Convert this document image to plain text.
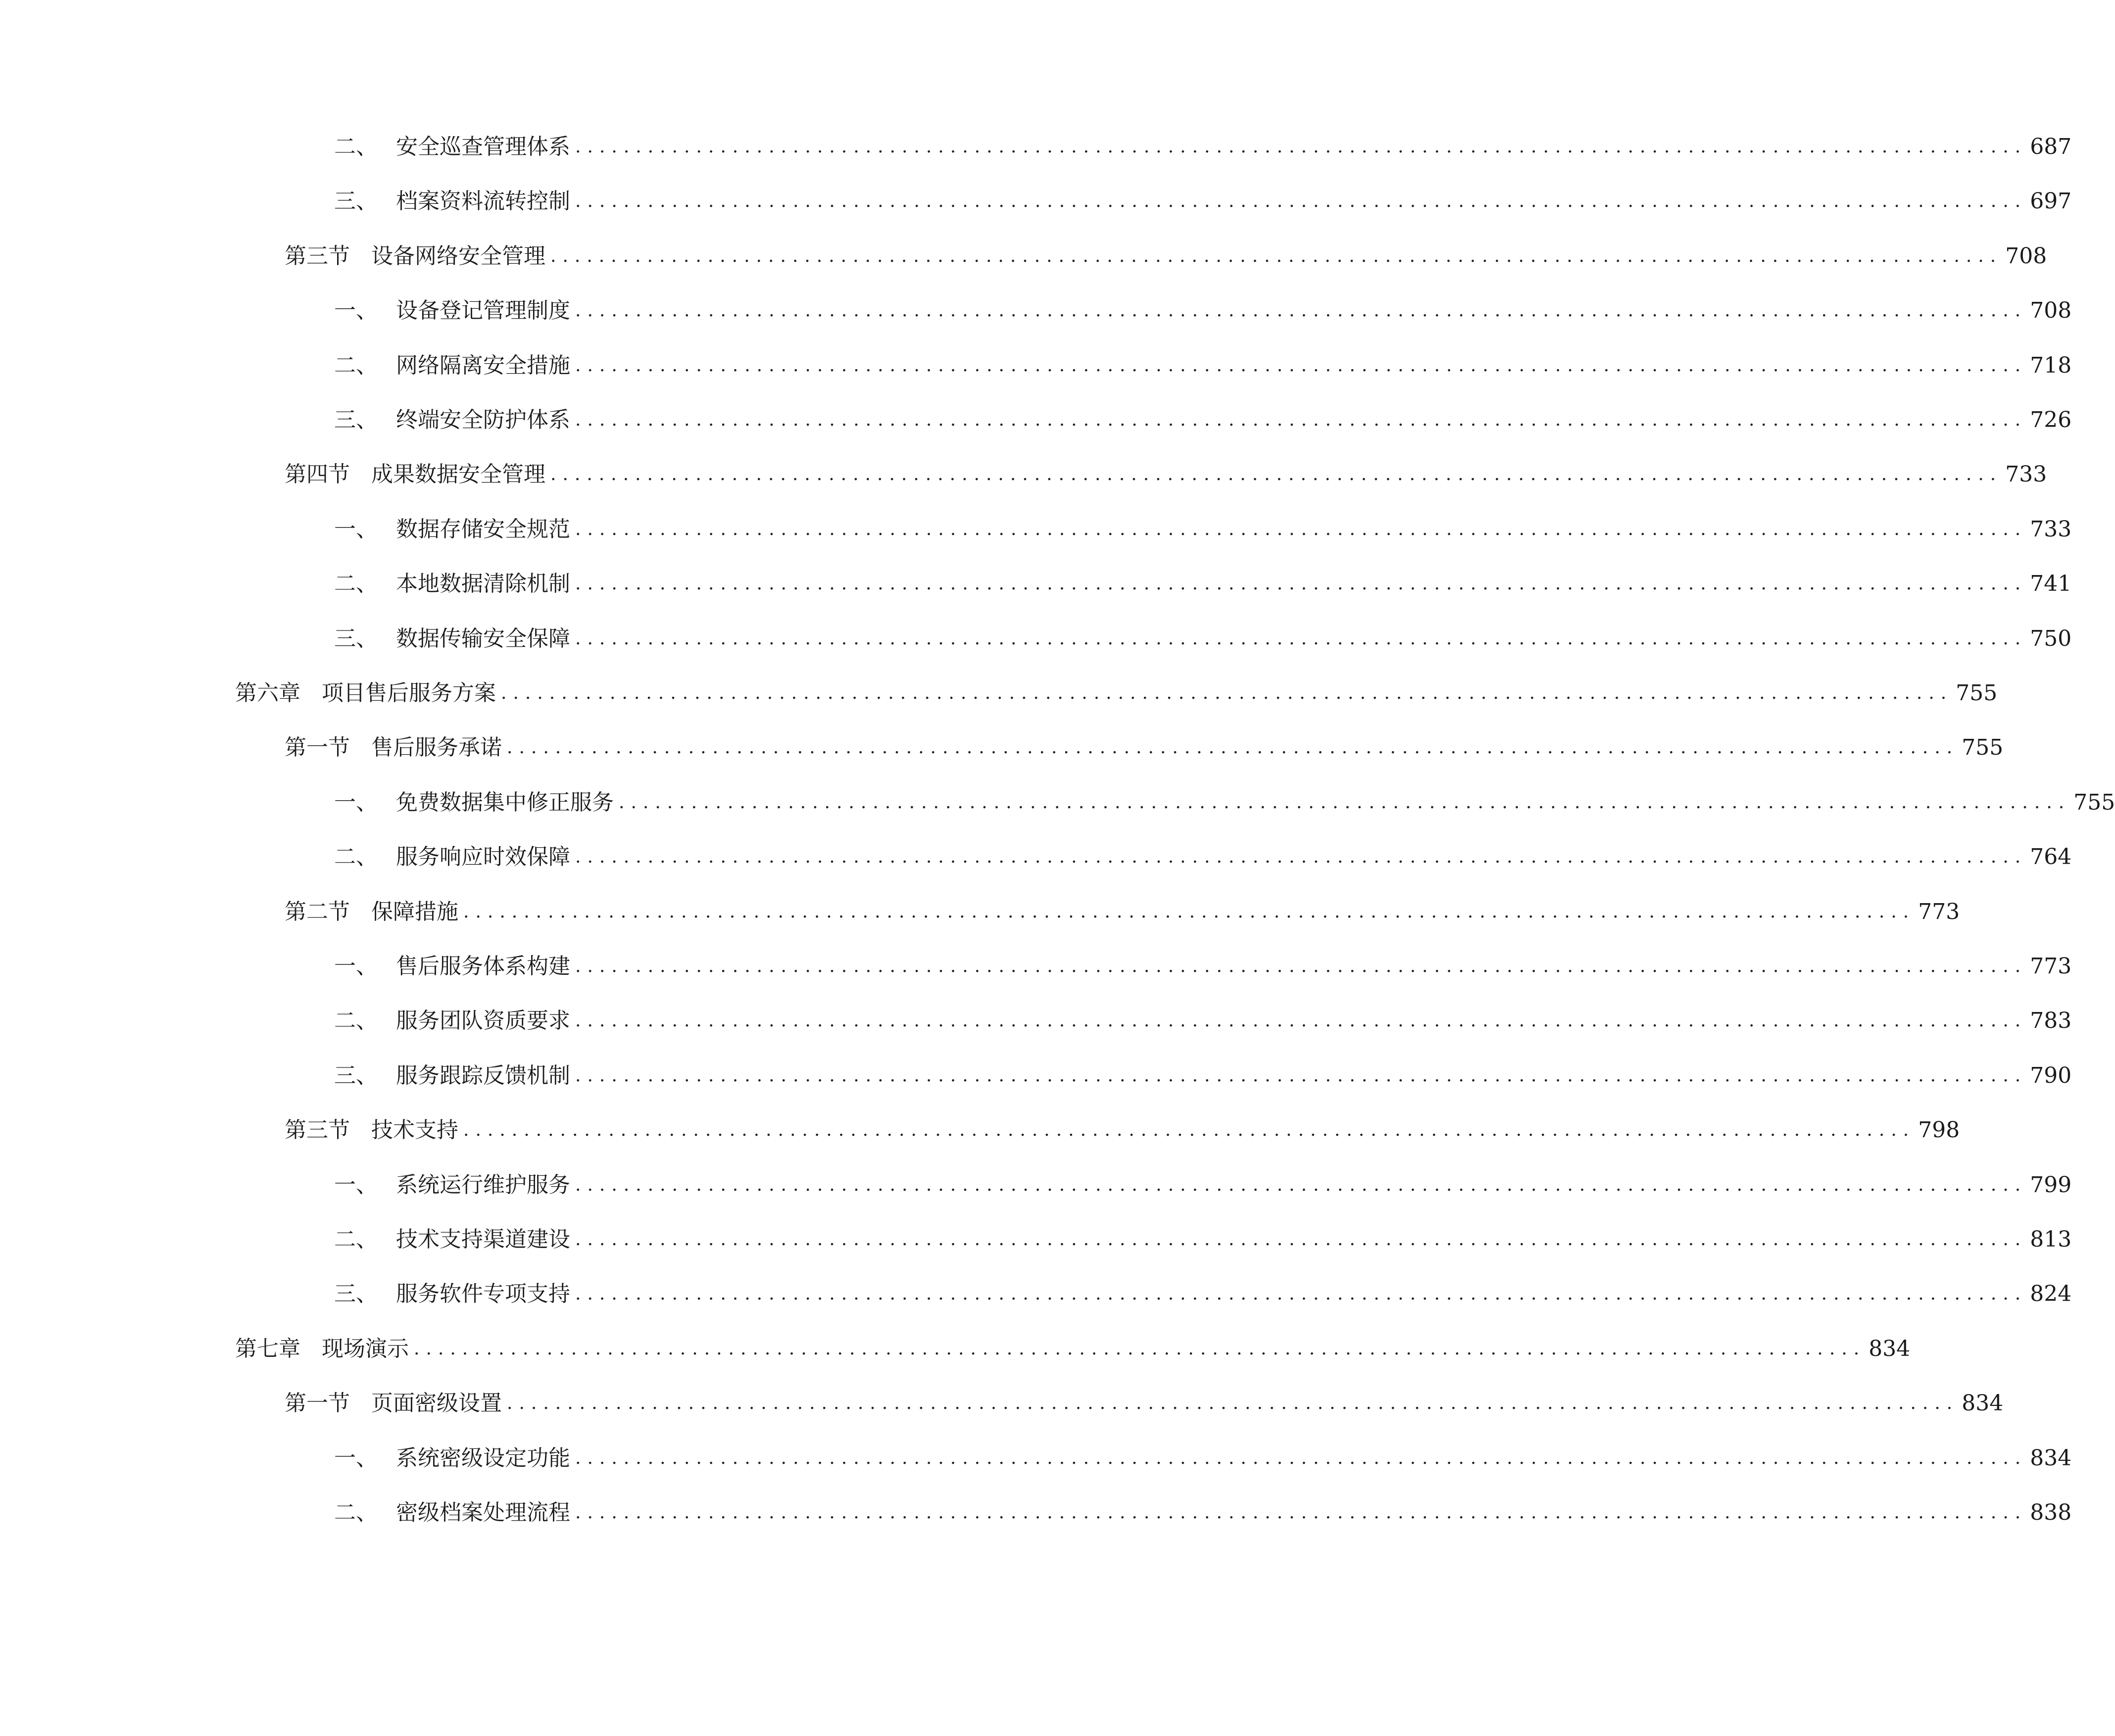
二、 安全巡查管理体系 ........................................................................................................................ 687
三、 档案资料流转控制 ........................................................................................................................ 697
第三节 设备网络安全管理 ........................................................................................................................ 708
一、 设备登记管理制度 ........................................................................................................................ 708
二、 网络隔离安全措施 ........................................................................................................................ 718
三、 终端安全防护体系 ........................................................................................................................ 726
第四节 成果数据安全管理 ........................................................................................................................ 733
一、 数据存储安全规范 ........................................................................................................................ 733
二、 本地数据清除机制 ........................................................................................................................ 741
三、 数据传输安全保障 ........................................................................................................................ 750
第六章 项目售后服务方案 ........................................................................................................................ 755
第一节 售后服务承诺 ........................................................................................................................ 755
一、 免费数据集中修正服务 ........................................................................................................................ 755
二、 服务响应时效保障 ........................................................................................................................ 764
第二节 保障措施 ........................................................................................................................ 773
一、 售后服务体系构建 ........................................................................................................................ 773
二、 服务团队资质要求 ........................................................................................................................ 783
三、 服务跟踪反馈机制 ........................................................................................................................ 790
第三节 技术支持 ........................................................................................................................ 798
一、 系统运行维护服务 ........................................................................................................................ 799
二、 技术支持渠道建设 ........................................................................................................................ 813
三、 服务软件专项支持 ........................................................................................................................ 824
第七章 现场演示 ........................................................................................................................ 834
第一节 页面密级设置 ........................................................................................................................ 834
一、 系统密级设定功能 ........................................................................................................................ 834
二、 密级档案处理流程 ........................................................................................................................ 838
